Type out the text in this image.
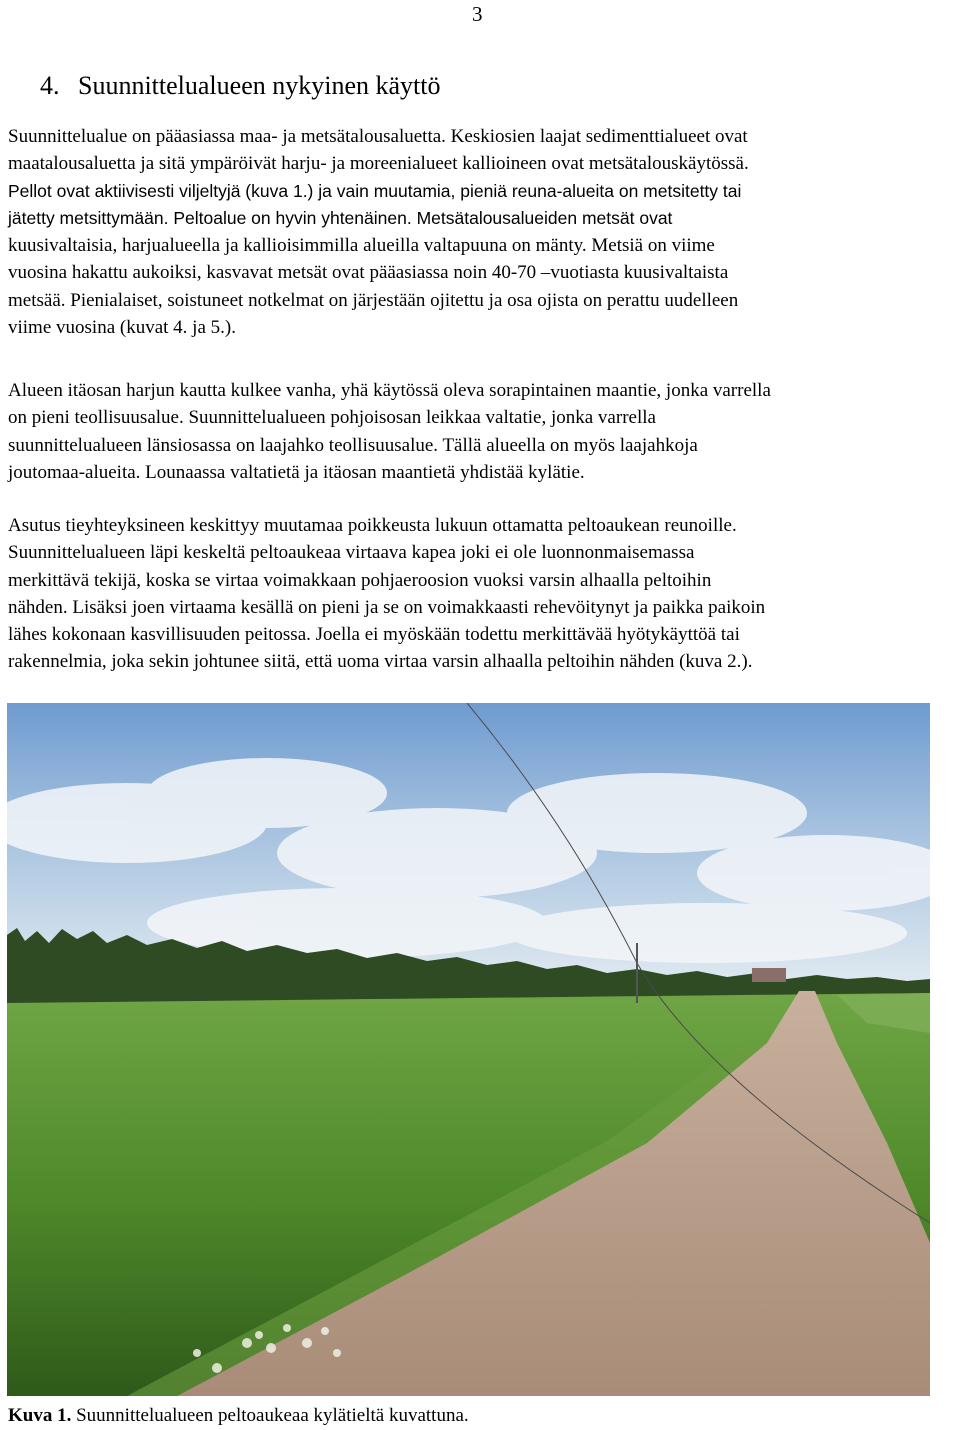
3
4. Suunnittelualueen nykyinen käyttö

Suunnittelualue on pääasiassa maa- ja metsätalousaluetta. Keskiosien laajat sedimenttialueet ovat
maatalousaluetta ja sitä ympäröivät harju- ja moreenialueet kallioineen ovat metsätalouskäytössä.
Pellot ovat aktiivisesti viljeltyjä (kuva 1.) ja vain muutamia, pieniä reuna-alueita on metsitetty tai
jätetty metsittymään. Peltoalue on hyvin yhtenäinen. Metsätalousalueiden metsät ovat
kuusivaltaisia, harjualueella ja kallioisimmilla alueilla valtapuuna on mänty. Metsiä on viime
vuosina hakattu aukoiksi, kasvavat metsät ovat pääasiassa noin 40-70 –vuotiasta kuusivaltaista
metsää. Pienialaiset, soistuneet notkelmat on järjestään ojitettu ja osa ojista on perattu uudelleen
viime vuosina (kuvat 4. ja 5.).

Alueen itäosan harjun kautta kulkee vanha, yhä käytössä oleva sorapintainen maantie, jonka varrella
on pieni teollisuusalue. Suunnittelualueen pohjoisosan leikkaa valtatie, jonka varrella
suunnittelualueen länsiosassa on laajahko teollisuusalue. Tällä alueella on myös laajahkoja
joutomaa-alueita. Lounaassa valtatietä ja itäosan maantietä yhdistää kylätie.

Asutus tieyhteyksineen keskittyy muutamaa poikkeusta lukuun ottamatta peltoaukean reunoille.
Suunnittelualueen läpi keskeltä peltoaukeaa virtaava kapea joki ei ole luonnonmaisemassa
merkittävä tekijä, koska se virtaa voimakkaan pohjaeroosion vuoksi varsin alhaalla peltoihin
nähden. Lisäksi joen virtaama kesällä on pieni ja se on voimakkaasti rehevöitynyt ja paikka paikoin
lähes kokonaan kasvillisuuden peitossa. Joella ei myöskään todettu merkittävää hyötykäyttöä tai
rakennelmia, joka sekin johtunee siitä, että uoma virtaa varsin alhaalla peltoihin nähden (kuva 2.).

Kuva 1. Suunnittelualueen peltoaukeaa kylätieltä kuvattuna.
